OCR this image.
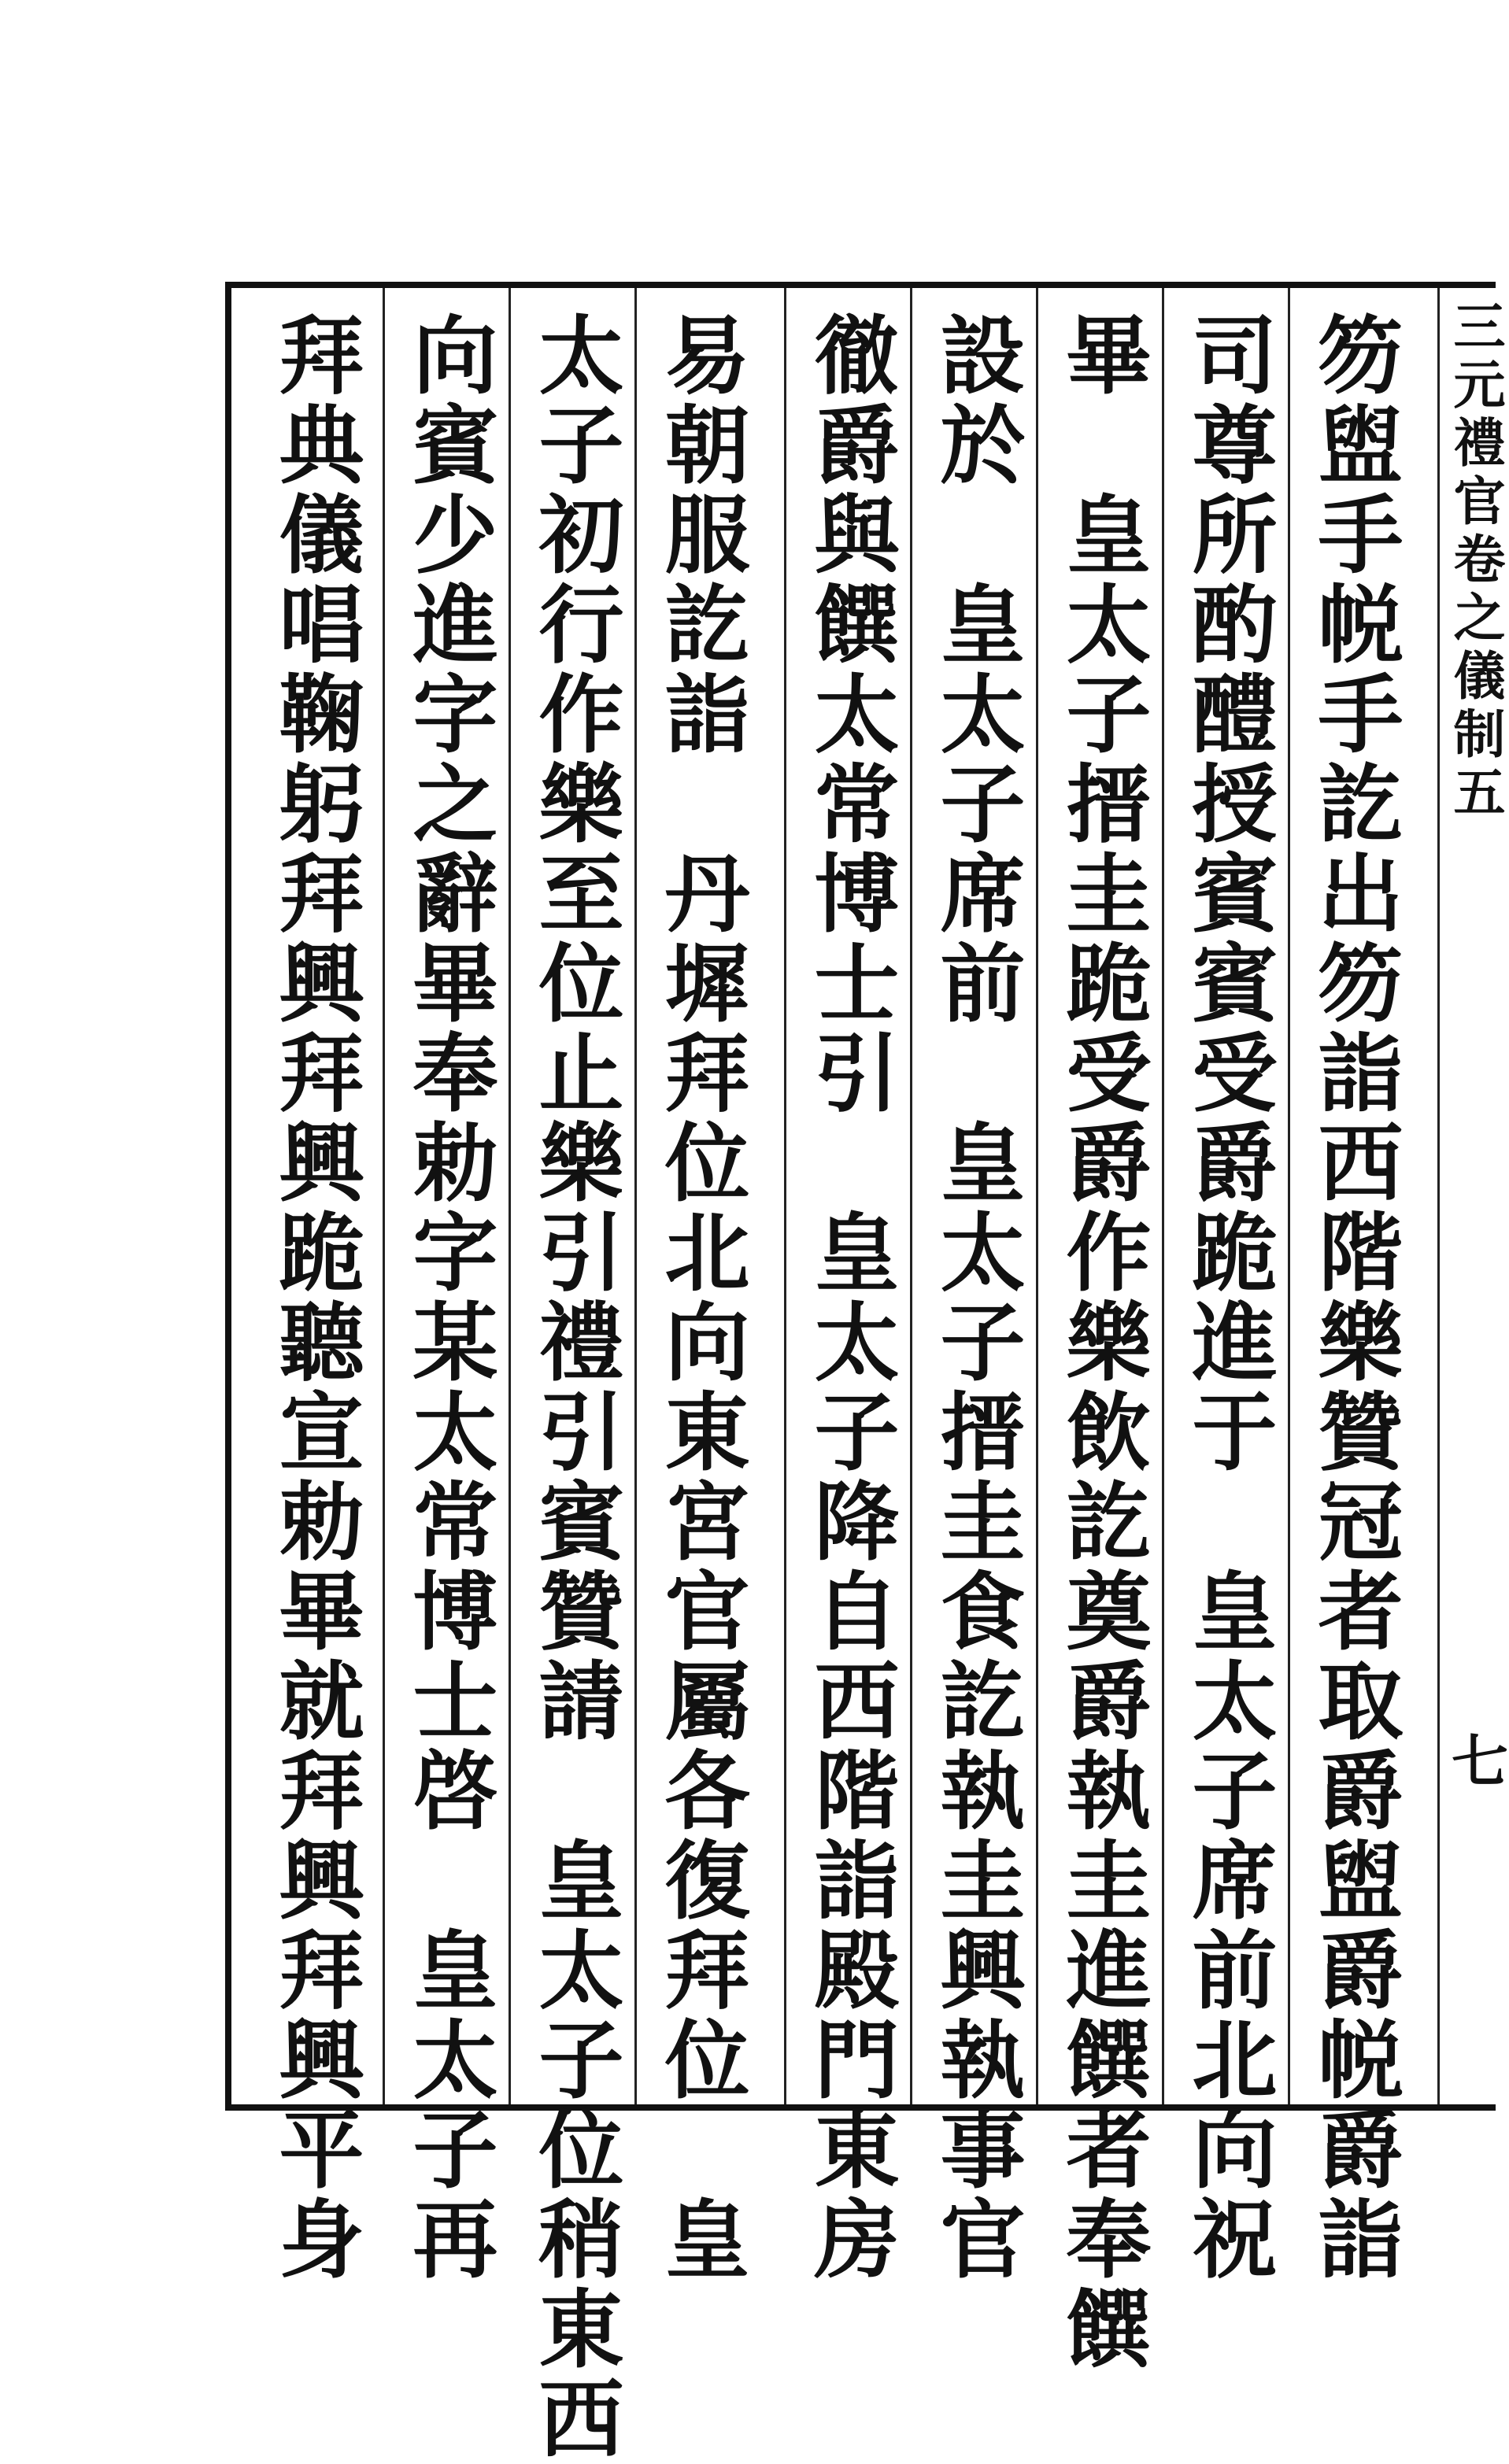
三元禮官卷之儀制五
七
笏盥手帨手訖出笏詣西階樂贊冠者取爵盥爵帨爵詣
司尊所酌醴授賓賓受爵跪進于　皇太子席前北向祝
畢　皇太子搢圭跪受爵作樂飲訖奠爵執圭進饌者奉饌
設於　皇太子席前　皇太子搢圭食訖執圭興執事官
徹爵與饌太常博士引　皇太子降自西階詣殿門東房
易朝服訖詣　丹墀拜位北向東宮官屬各復拜位　皇
太子初行作樂至位止樂引禮引賓贊請　皇太子位稍東西
向賓少進字之辭畢奉勅字某太常博士啓　皇太子再
拜典儀唱鞠躬拜興拜興跪聽宣勅畢就拜興拜興平身
